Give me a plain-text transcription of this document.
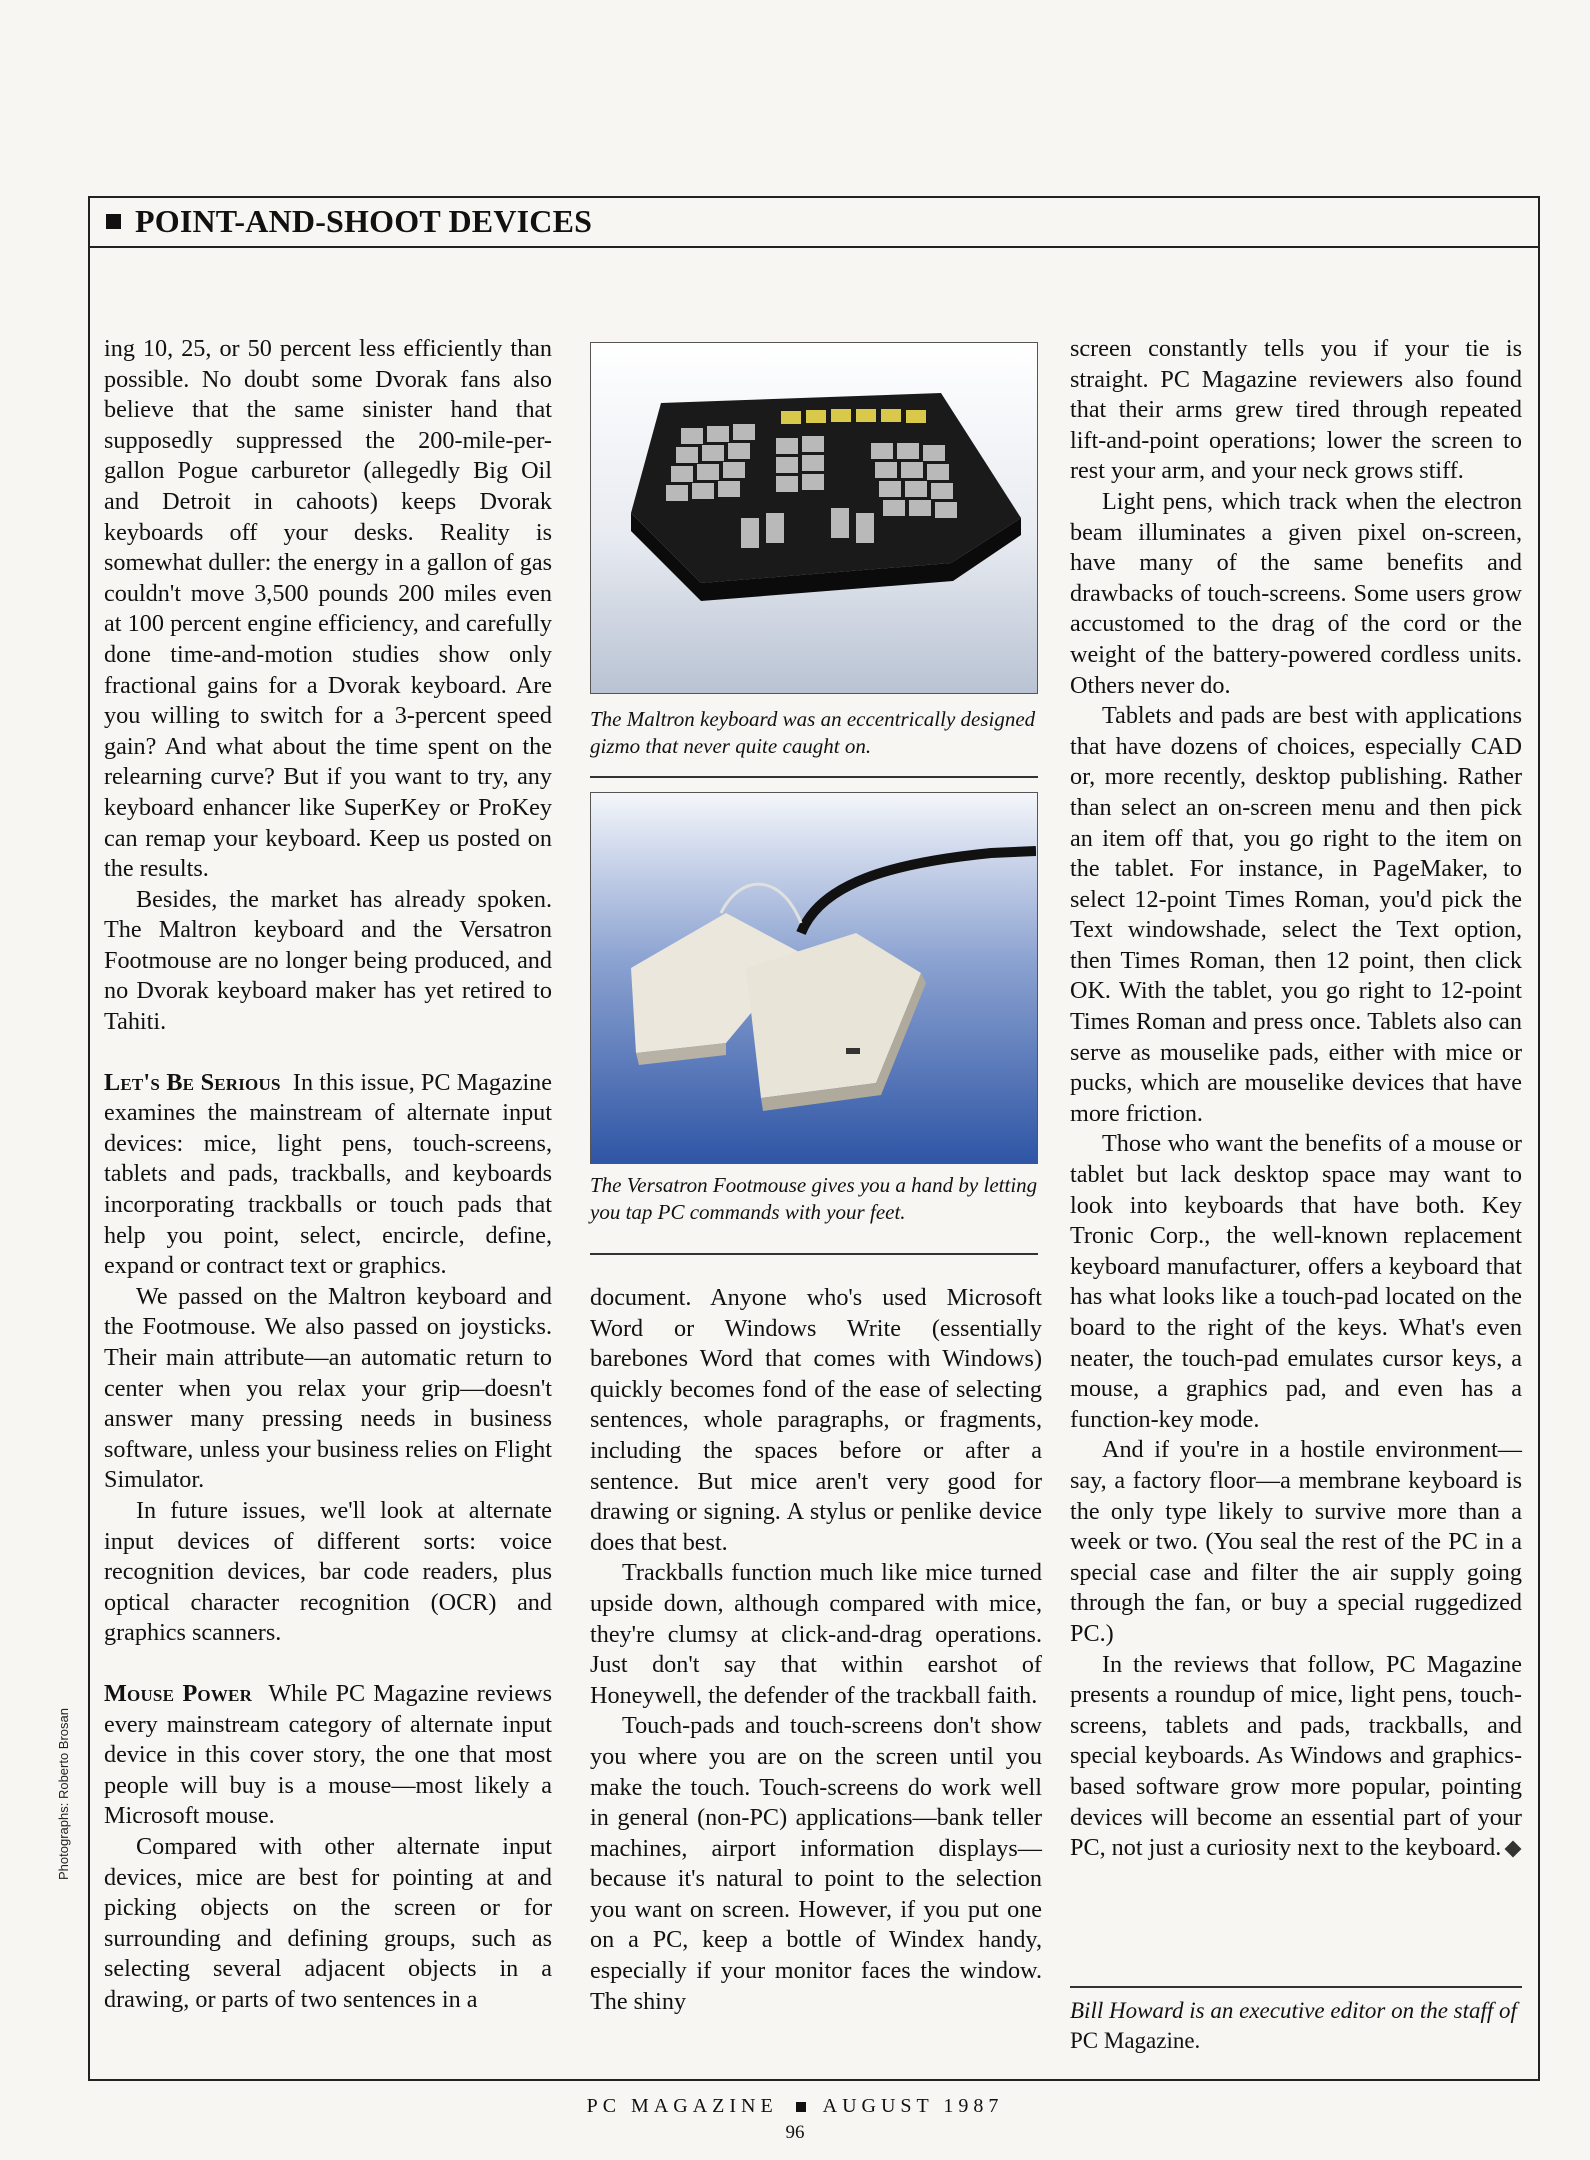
POINT-AND-SHOOT DEVICES

ing 10, 25, or 50 percent less efficiently than possible. No doubt some Dvorak fans also believe that the same sinister hand that supposedly suppressed the 200-mile-per-gallon Pogue carburetor (allegedly Big Oil and Detroit in cahoots) keeps Dvorak keyboards off your desks. Reality is somewhat duller: the energy in a gallon of gas couldn't move 3,500 pounds 200 miles even at 100 percent engine efficiency, and carefully done time-and-motion studies show only fractional gains for a Dvorak keyboard. Are you willing to switch for a 3-percent speed gain? And what about the time spent on the relearning curve? But if you want to try, any keyboard enhancer like SuperKey or ProKey can remap your keyboard. Keep us posted on the results.

Besides, the market has already spoken. The Maltron keyboard and the Versatron Footmouse are no longer being produced, and no Dvorak keyboard maker has yet retired to Tahiti.

Let's Be Serious In this issue, PC Magazine examines the mainstream of alternate input devices: mice, light pens, touch-screens, tablets and pads, trackballs, and keyboards incorporating trackballs or touch pads that help you point, select, encircle, define, expand or contract text or graphics.

We passed on the Maltron keyboard and the Footmouse. We also passed on joysticks. Their main attribute—an automatic return to center when you relax your grip—doesn't answer many pressing needs in business software, unless your business relies on Flight Simulator.

In future issues, we'll look at alternate input devices of different sorts: voice recognition devices, bar code readers, plus optical character recognition (OCR) and graphics scanners.

Mouse Power While PC Magazine reviews every mainstream category of alternate input device in this cover story, the one that most people will buy is a mouse—most likely a Microsoft mouse.

Compared with other alternate input devices, mice are best for pointing at and picking objects on the screen or for surrounding and defining groups, such as selecting several adjacent objects in a drawing, or parts of two sentences in a

The Maltron keyboard was an eccentrically designed gizmo that never quite caught on.
The Versatron Footmouse gives you a hand by letting you tap PC commands with your feet.

document. Anyone who's used Microsoft Word or Windows Write (essentially barebones Word that comes with Windows) quickly becomes fond of the ease of selecting sentences, whole paragraphs, or fragments, including the spaces before or after a sentence. But mice aren't very good for drawing or signing. A stylus or penlike device does that best.

Trackballs function much like mice turned upside down, although compared with mice, they're clumsy at click-and-drag operations. Just don't say that within earshot of Honeywell, the defender of the trackball faith.

Touch-pads and touch-screens don't show you where you are on the screen until you make the touch. Touch-screens do work well in general (non-PC) applications—bank teller machines, airport information displays—because it's natural to point to the selection you want on screen. However, if you put one on a PC, keep a bottle of Windex handy, especially if your monitor faces the window. The shiny

screen constantly tells you if your tie is straight. PC Magazine reviewers also found that their arms grew tired through repeated lift-and-point operations; lower the screen to rest your arm, and your neck grows stiff.

Light pens, which track when the electron beam illuminates a given pixel on-screen, have many of the same benefits and drawbacks of touch-screens. Some users grow accustomed to the drag of the cord or the weight of the battery-powered cordless units. Others never do.

Tablets and pads are best with applications that have dozens of choices, especially CAD or, more recently, desktop publishing. Rather than select an on-screen menu and then pick an item off that, you go right to the item on the tablet. For instance, in PageMaker, to select 12-point Times Roman, you'd pick the Text windowshade, select the Text option, then Times Roman, then 12 point, then click OK. With the tablet, you go right to 12-point Times Roman and press once. Tablets also can serve as mouselike pads, either with mice or pucks, which are mouselike devices that have more friction.

Those who want the benefits of a mouse or tablet but lack desktop space may want to look into keyboards that have both. Key Tronic Corp., the well-known replacement keyboard manufacturer, offers a keyboard that has what looks like a touch-pad located on the board to the right of the keys. What's even neater, the touch-pad emulates cursor keys, a mouse, a graphics pad, and even has a function-key mode.

And if you're in a hostile environment—say, a factory floor—a membrane keyboard is the only type likely to survive more than a week or two. (You seal the rest of the PC in a special case and filter the air supply going through the fan, or buy a special ruggedized PC.)

In the reviews that follow, PC Magazine presents a roundup of mice, light pens, touch-screens, tablets and pads, trackballs, and special keyboards. As Windows and graphics-based software grow more popular, pointing devices will become an essential part of your PC, not just a curiosity next to the keyboard.

Bill Howard is an executive editor on the staff of PC Magazine.
Photographs: Roberto Brosan
PC MAGAZINE AUGUST 1987
96
